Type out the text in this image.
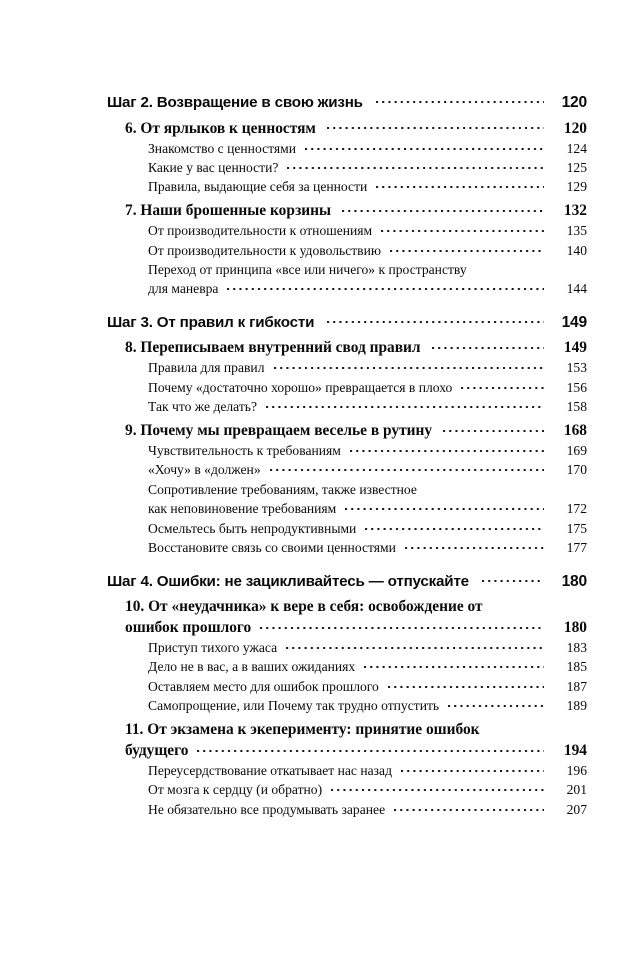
Шаг 2. Возвращение в свою жизнь	120
6. От ярлыков к ценностям	120
Знакомство с ценностями	124
Какие у вас ценности?	125
Правила, выдающие себя за ценности	129
7. Наши брошенные корзины	132
От производительности к отношениям	135
От производительности к удовольствию	140
Переход от принципа «все или ничего» к пространству
для маневра	144
Шаг 3. От правил к гибкости	149
8. Переписываем внутренний свод правил	149
Правила для правил	153
Почему «достаточно хорошо» превращается в плохо	156
Так что же делать?	158
9. Почему мы превращаем веселье в рутину	168
Чувствительность к требованиям	169
«Хочу» в «должен»	170
Сопротивление требованиям, также известное
как неповиновение требованиям	172
Осмельтесь быть непродуктивными	175
Восстановите связь со своими ценностями	177
Шаг 4. Ошибки: не зацикливайтесь — отпускайте	180
10. От «неудачника» к вере в себя: освобождение от
ошибок прошлого	180
Приступ тихого ужаса	183
Дело не в вас, а в ваших ожиданиях	185
Оставляем место для ошибок прошлого	187
Самопрощение, или Почему так трудно отпустить	189
11. От экзамена к экеперименту: принятие ошибок
будущего	194
Переусердствование откатывает нас назад	196
От мозга к сердцу (и обратно)	201
Не обязательно все продумывать заранее	207
